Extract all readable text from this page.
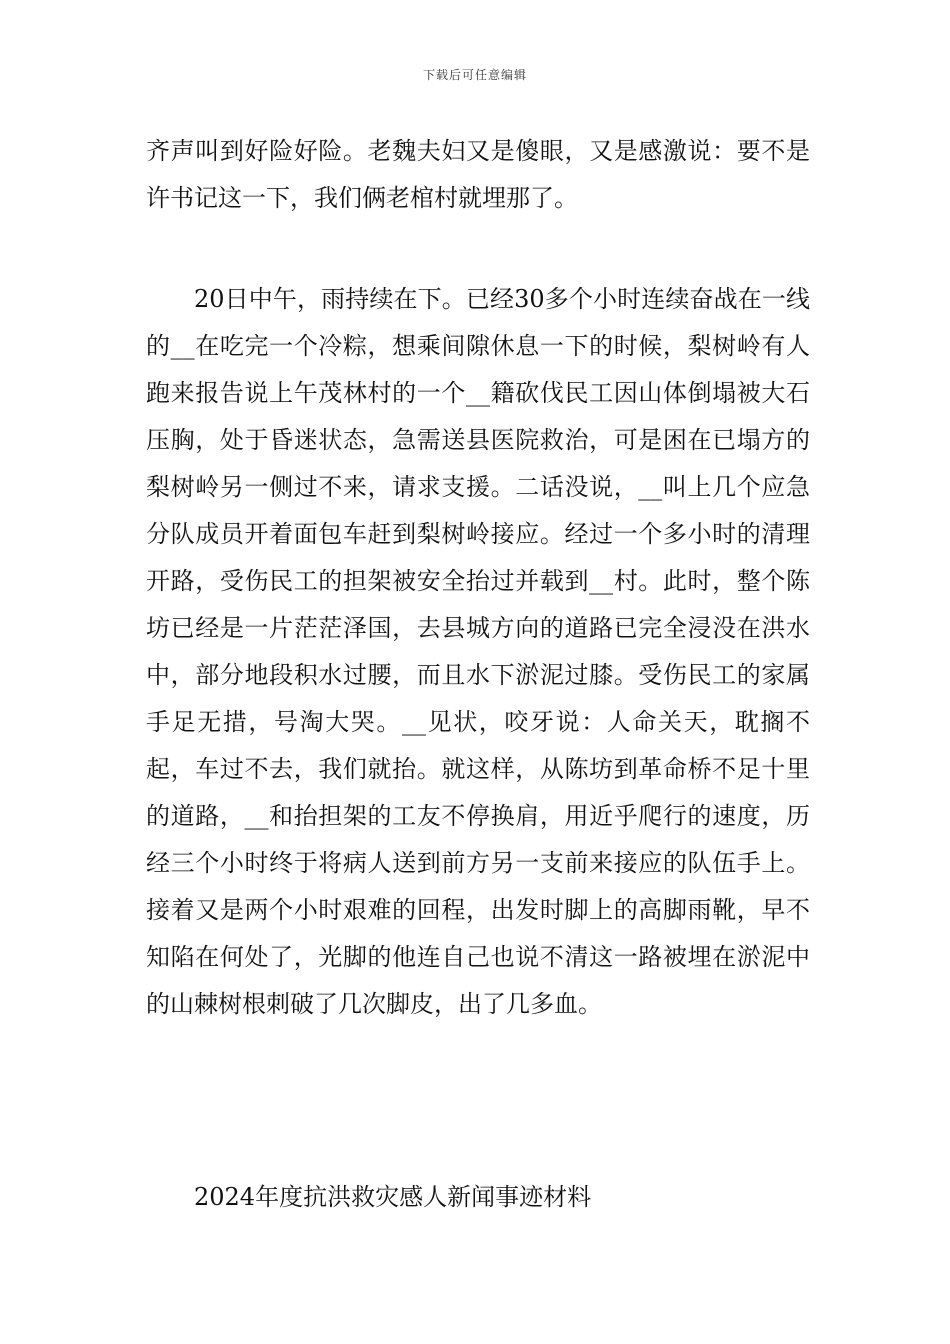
下载后可任意编辑
齐声叫到好险好险。老魏夫妇又是傻眼，又是感激说：要不是许书记这一下，我们俩老棺村就埋那了。
20日中午，雨持续在下。已经30多个小时连续奋战在一线的__在吃完一个冷粽，想乘间隙休息一下的时候，梨树岭有人跑来报告说上午茂林村的一个__籍砍伐民工因山体倒塌被大石压胸，处于昏迷状态，急需送县医院救治，可是困在已塌方的梨树岭另一侧过不来，请求支援。二话没说，__叫上几个应急分队成员开着面包车赶到梨树岭接应。经过一个多小时的清理开路，受伤民工的担架被安全抬过并载到__村。此时，整个陈坊已经是一片茫茫泽国，去县城方向的道路已完全浸没在洪水中，部分地段积水过腰，而且水下淤泥过膝。受伤民工的家属手足无措，号淘大哭。__见状，咬牙说：人命关天，耽搁不起，车过不去，我们就抬。就这样，从陈坊到革命桥不足十里的道路，__和抬担架的工友不停换肩，用近乎爬行的速度，历经三个小时终于将病人送到前方另一支前来接应的队伍手上。接着又是两个小时艰难的回程，出发时脚上的高脚雨靴，早不知陷在何处了，光脚的他连自己也说不清这一路被埋在淤泥中的山棘树根刺破了几次脚皮，出了几多血。
2024年度抗洪救灾感人新闻事迹材料
